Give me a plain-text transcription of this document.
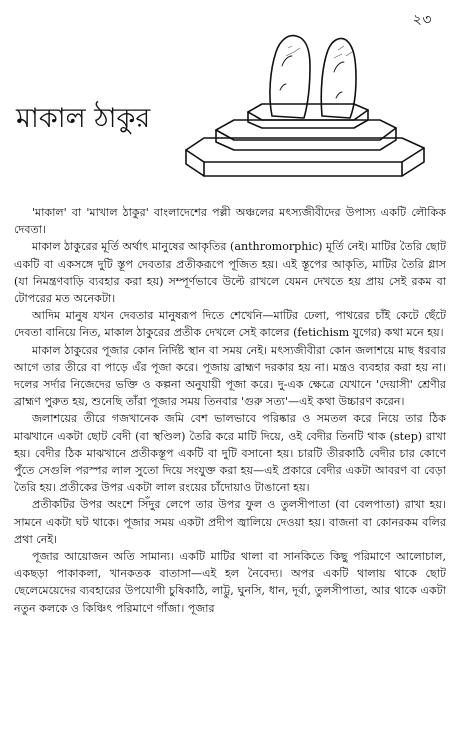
২৩
মাকাল ঠাকুর

'মাকাল' বা 'মাখাল ঠাকুর' বাংলাদেশের পল্লী অঞ্চলের মৎস্যজীবীদের উপাস্য একটি লৌকিক দেবতা।

মাকাল ঠাকুরের মূর্তি অর্থাৎ মানুষের আকৃতির (anthromorphic) মূর্তি নেই। মাটির তৈরি ছোট একটি বা একসঙ্গে দুটি স্তূপ দেবতার প্রতীকরূপে পূজিত হয়। এই স্তূপের আকৃতি, মাটির তৈরি গ্লাস (যা নিমন্ত্রণবাড়ি ব্যবহার করা হয়) সম্পূর্ণভাবে উল্টে রাখলে যেমন দেখতে হয় প্রায় সেই রকম বা টোপরের মত অনেকটা।

আদিম মানুষ যখন দেবতার মানুষরূপ দিতে শেখেনি—মাটির ঢেলা, পাথরের চাঁই কেটে ছেঁটে দেবতা বানিয়ে নিত, মাকাল ঠাকুরের প্রতীক দেখলে সেই কালের (fetichism যুগের) কথা মনে হয়।

মাকাল ঠাকুরের পূজার কোন নির্দিষ্ট স্থান বা সময় নেই। মৎস্যজীবীরা কোন জলাশয়ে মাছ ধরবার আগে তার তীরে বা পাড়ে এঁর পূজা করে। পূজায় ব্রাহ্মণ দরকার হয় না। মন্ত্রও ব্যবহার করা হয় না। দলের সর্দার নিজেদের ভক্তি ও কল্পনা অনুযায়ী পূজা করে। দু-এক ক্ষেত্রে যেখানে 'দেয়াসী' শ্রেণীর ব্রাহ্মণ পুরুত হয়, শুনেছি তাঁরা পূজার সময় তিনবার 'গুরু সত্য'—এই কথা উচ্চারণ করেন।

জলাশয়ের তীরে গজখানেক জমি বেশ ভালভাবে পরিষ্কার ও সমতল করে নিয়ে তার ঠিক মাঝখানে একটা ছোট বেদী (বা স্থণ্ডিল) তৈরি করে মাটি দিয়ে, ওই বেদীর তিনটি থাক (step) রাখা হয়। বেদীর ঠিক মাঝখানে প্রতীকস্তূপ একটি বা দুটি বসানো হয়। চারটি তীরকাঠি বেদীর চার কোণে পুঁতে সেগুলি পরস্পর লাল সুতো দিয়ে সংযুক্ত করা হয়—এই প্রকারে বেদীর একটা আবরণ বা বেড়া তৈরি হয়। প্রতীকের উপর একটা লাল রংয়ের চাঁদোয়াও টাঙানো হয়।

প্রতীকটির উপর অংশে সিঁদুর লেপে তার উপর ফুল ও তুলসীপাতা (বা বেলপাতা) রাখা হয়। সামনে একটা ঘট থাকে। পূজার সময় একটা প্রদীপ জ্বালিয়ে দেওয়া হয়। বাজনা বা কোনরকম বলির প্রথা নেই।

পূজার আয়োজন অতি সামান্য। একটি মাটির থালা বা সানকিতে কিছু পরিমাণে আলোচাল, একছড়া পাকাকলা, খানকতক বাতাসা—এই হল নৈবেদ্য। অপর একটি থালায় থাকে ছোট ছেলেমেয়েদের ব্যবহারের উপযোগী চুষিকাঠি, লাট্টু, ঘুনসি, ধান, দূর্বা, তুলসীপাতা, আর থাকে একটা নতুন কলকে ও কিঞ্চিৎ পরিমাণে গাঁজা। পূজার
